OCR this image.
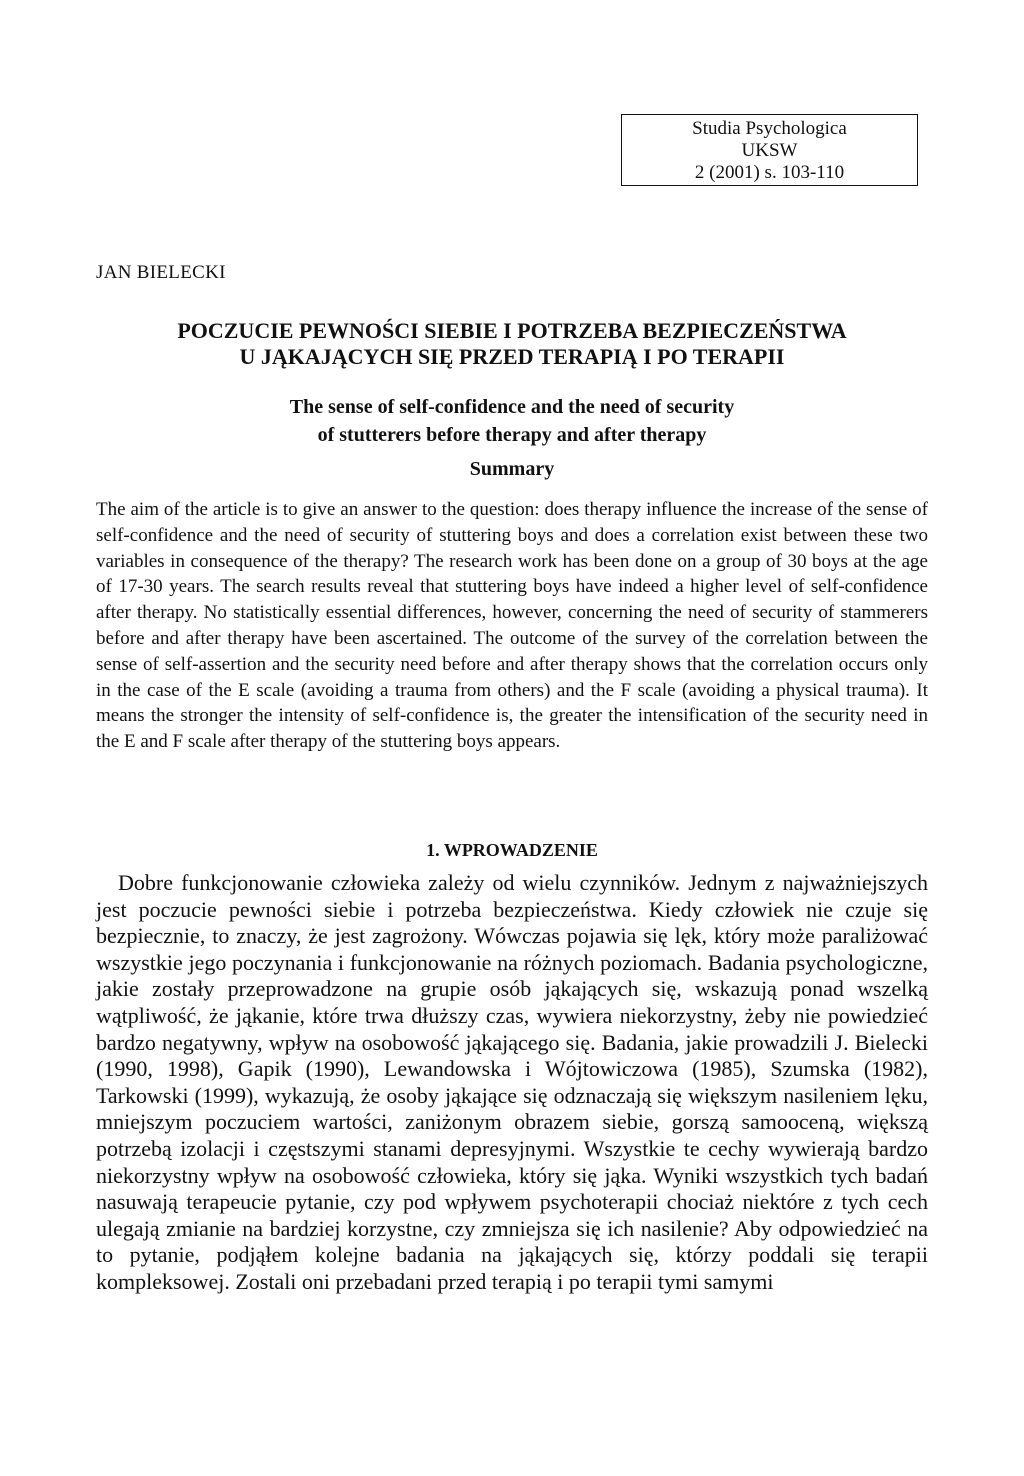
Studia Psychologica
UKSW
2 (2001) s. 103-110
JAN BIELECKI
POCZUCIE PEWNOŚCI SIEBIE I POTRZEBA BEZPIECZEŃSTWA
U JĄKAJĄCYCH SIĘ PRZED TERAPIĄ I PO TERAPII
The sense of self-confidence and the need of security
of stutterers before therapy and after therapy
Summary

The aim of the article is to give an answer to the question: does therapy influence the increase of the sense of self-confidence and the need of security of stuttering boys and does a correlation exist between these two variables in consequence of the therapy? The research work has been done on a group of 30 boys at the age of 17-30 years. The search results reveal that stuttering boys have indeed a higher level of self-confidence after therapy. No statistically essential differences, however, concerning the need of security of stammerers before and after therapy have been ascertained. The outcome of the survey of the correlation between the sense of self-assertion and the security need before and after therapy shows that the correlation occurs only in the case of the E scale (avoiding a trauma from others) and the F scale (avoiding a physical trauma). It means the stronger the intensity of self-confidence is, the greater the intensification of the security need in the E and F scale after therapy of the stuttering boys appears.

1. WPROWADZENIE

Dobre funkcjonowanie człowieka zależy od wielu czynników. Jednym z najważniejszych jest poczucie pewności siebie i potrzeba bezpieczeństwa. Kiedy człowiek nie czuje się bezpiecznie, to znaczy, że jest zagrożony. Wówczas pojawia się lęk, który może paraliżować wszystkie jego poczynania i funkcjonowanie na różnych poziomach. Badania psychologiczne, jakie zostały przeprowadzone na grupie osób jąkających się, wskazują ponad wszelką wątpliwość, że jąkanie, które trwa dłuższy czas, wywiera niekorzystny, żeby nie powiedzieć bardzo negatywny, wpływ na osobowość jąkającego się. Badania, jakie prowadzili J. Bielecki (1990, 1998), Gapik (1990), Lewandowska i Wójtowiczowa (1985), Szumska (1982), Tarkowski (1999), wykazują, że osoby jąkające się odznaczają się większym nasileniem lęku, mniejszym poczuciem wartości, zaniżonym obrazem siebie, gorszą samooceną, większą potrzebą izolacji i częstszymi stanami depresyjnymi. Wszystkie te cechy wywierają bardzo niekorzystny wpływ na osobowość człowieka, który się jąka. Wyniki wszystkich tych badań nasuwają terapeucie pytanie, czy pod wpływem psychoterapii chociaż niektóre z tych cech ulegają zmianie na bardziej korzystne, czy zmniejsza się ich nasilenie? Aby odpowiedzieć na to pytanie, podjąłem kolejne badania na jąkających się, którzy poddali się terapii kompleksowej. Zostali oni przebadani przed terapią i po terapii tymi samymi
